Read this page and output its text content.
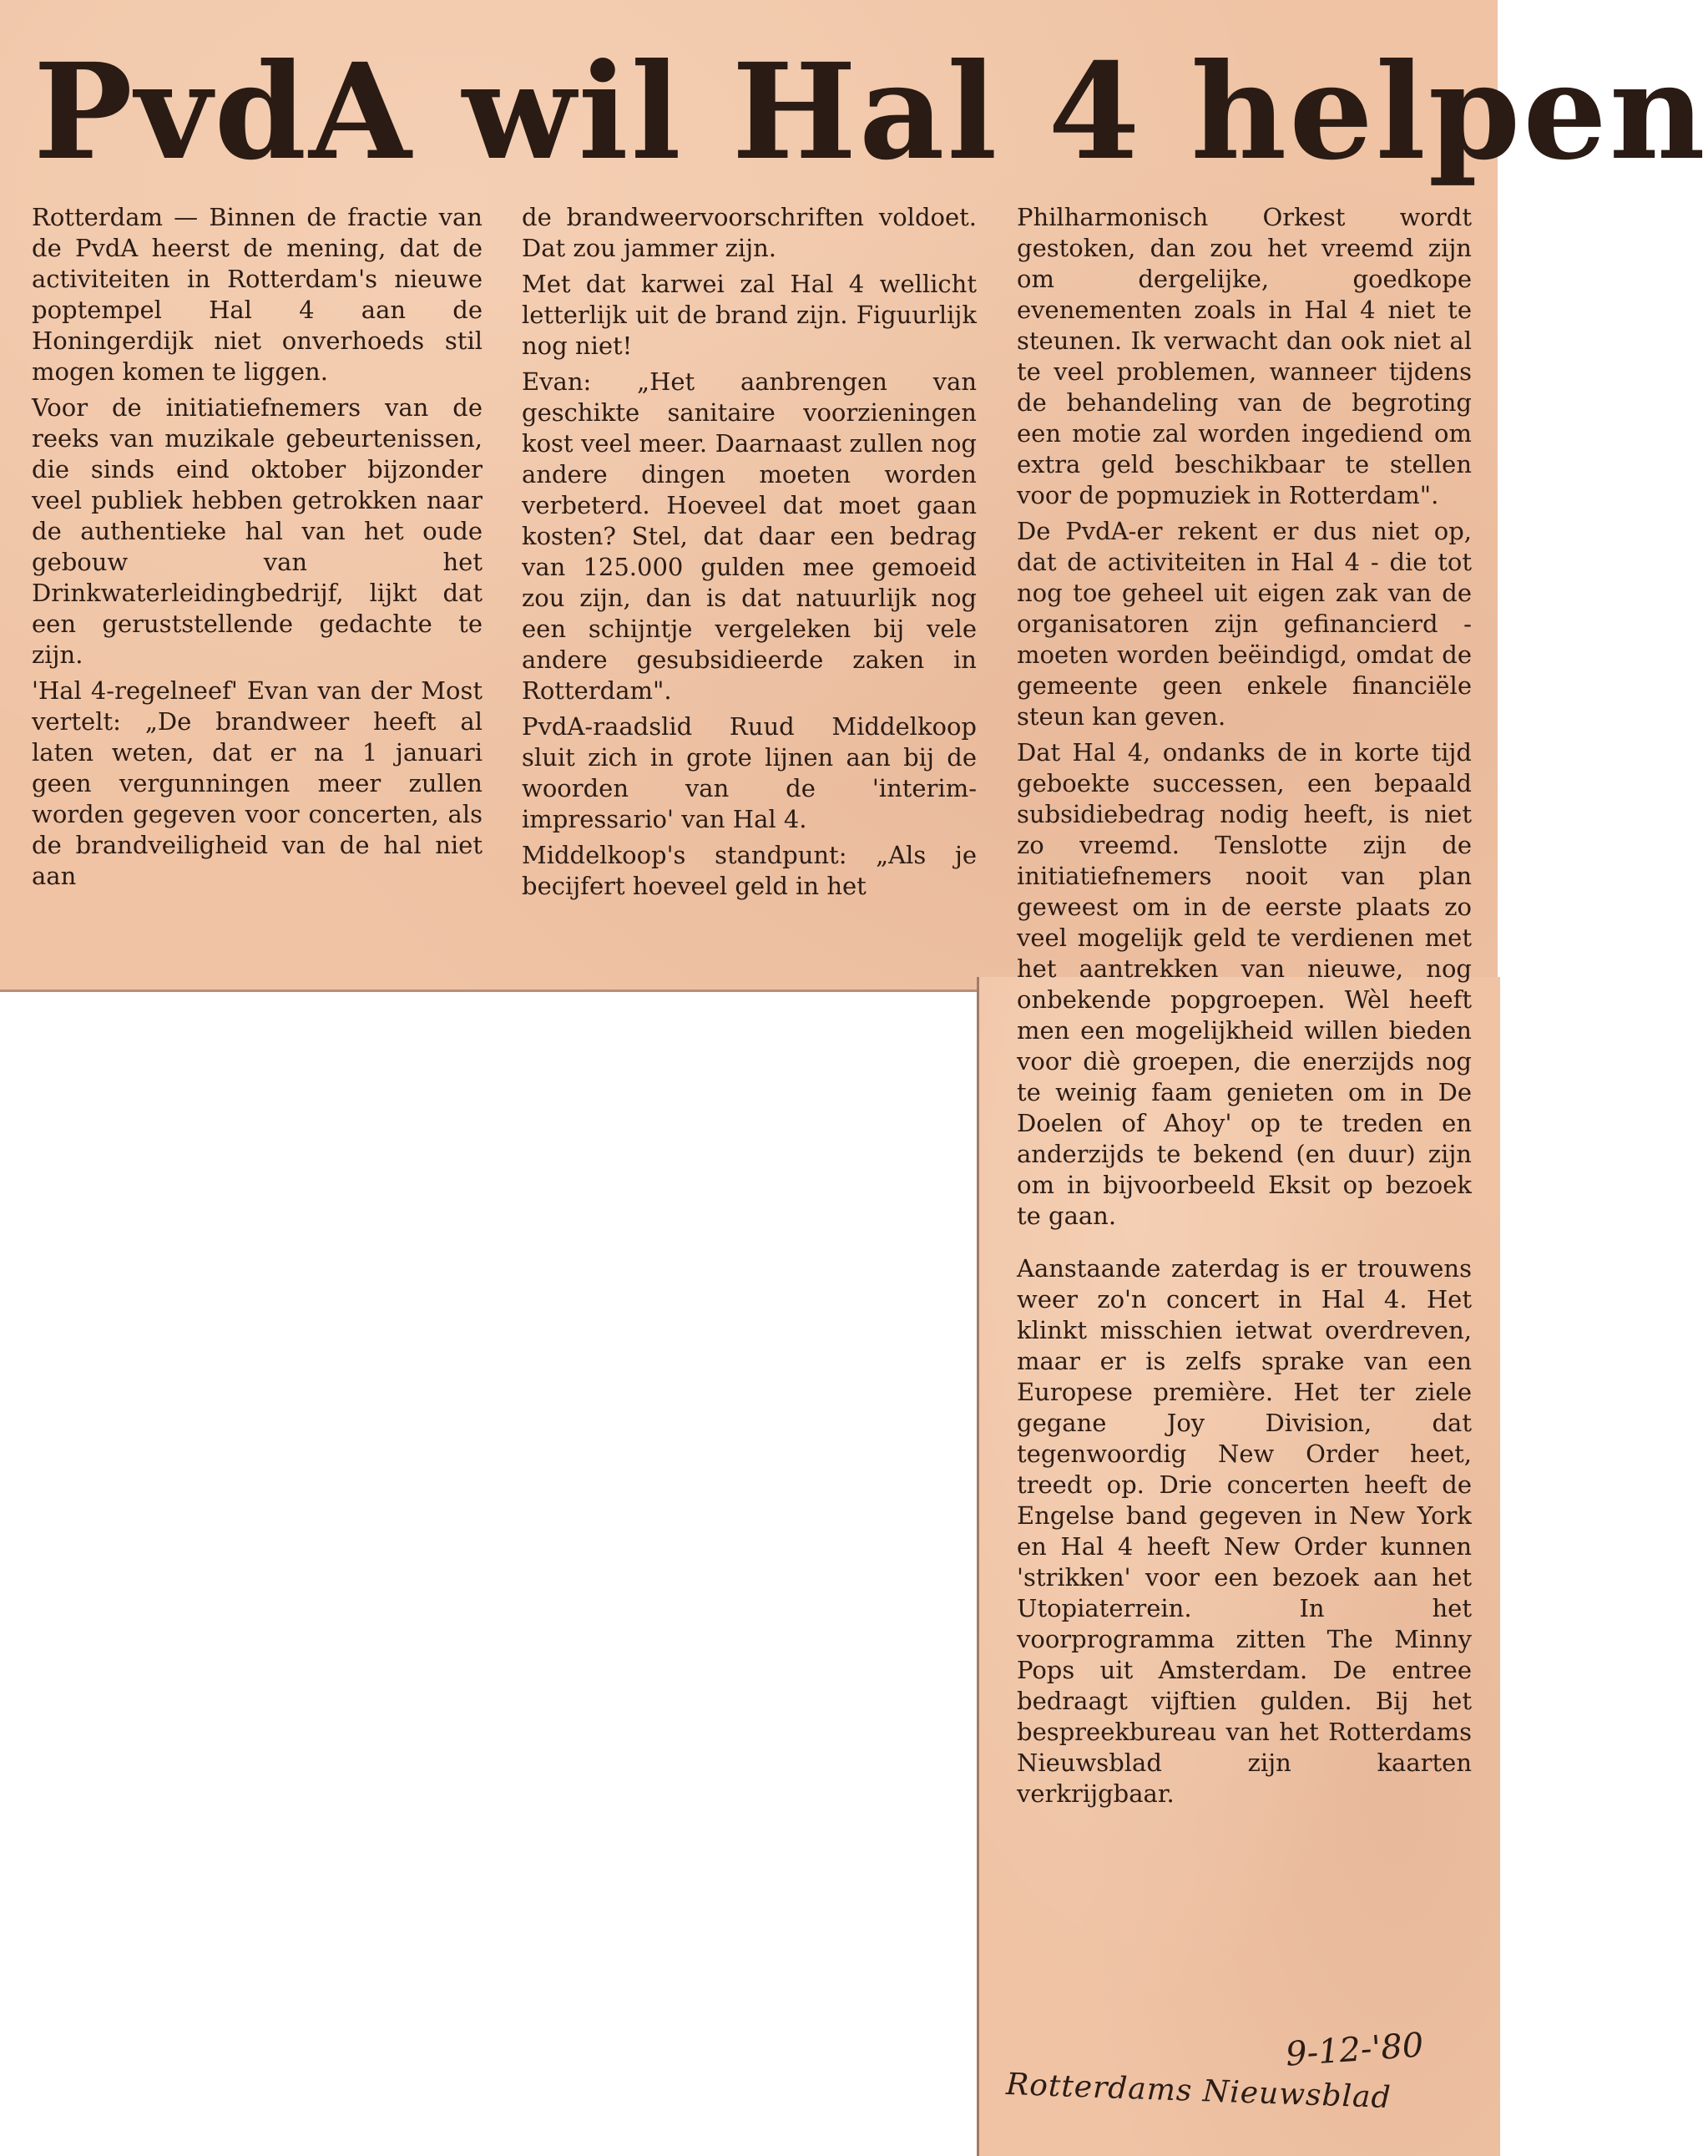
PvdA wil Hal 4 helpen

Rotterdam — Binnen de fractie van de PvdA heerst de mening, dat de activiteiten in Rotterdam's nieuwe poptempel Hal 4 aan de Honingerdijk niet onverhoeds stil mogen komen te liggen.

Voor de initiatiefnemers van de reeks van muzikale gebeurtenissen, die sinds eind oktober bijzonder veel publiek hebben getrokken naar de authentieke hal van het oude gebouw van het Drinkwaterleidingbedrijf, lijkt dat een geruststellende gedachte te zijn.

'Hal 4-regelneef' Evan van der Most vertelt: „De brandweer heeft al laten weten, dat er na 1 januari geen vergunningen meer zullen worden gegeven voor concerten, als de brandveiligheid van de hal niet aan

de brandweervoorschriften voldoet. Dat zou jammer zijn.

Met dat karwei zal Hal 4 wellicht letterlijk uit de brand zijn. Figuurlijk nog niet!

Evan: „Het aanbrengen van geschikte sanitaire voorzieningen kost veel meer. Daarnaast zullen nog andere dingen moeten worden verbeterd. Hoeveel dat moet gaan kosten? Stel, dat daar een bedrag van 125.000 gulden mee gemoeid zou zijn, dan is dat natuurlijk nog een schijntje vergeleken bij vele andere gesubsidieerde zaken in Rotterdam".

PvdA-raadslid Ruud Middelkoop sluit zich in grote lijnen aan bij de woorden van de 'interim-impressario' van Hal 4.

Middelkoop's standpunt: „Als je becijfert hoeveel geld in het

Philharmonisch Orkest wordt gestoken, dan zou het vreemd zijn om dergelijke, goedkope evenementen zoals in Hal 4 niet te steunen. Ik verwacht dan ook niet al te veel problemen, wanneer tijdens de behandeling van de begroting een motie zal worden ingediend om extra geld beschikbaar te stellen voor de popmuziek in Rotterdam".

De PvdA-er rekent er dus niet op, dat de activiteiten in Hal 4 - die tot nog toe geheel uit eigen zak van de organisatoren zijn gefinancierd - moeten worden beëindigd, omdat de gemeente geen enkele financiële steun kan geven.

Dat Hal 4, ondanks de in korte tijd geboekte successen, een bepaald subsidiebedrag nodig heeft, is niet zo vreemd. Tenslotte zijn de initiatiefnemers nooit van plan geweest om in de eerste plaats zo veel mogelijk geld te verdienen met het aantrekken van nieuwe, nog onbekende popgroepen. Wèl heeft men een mogelijkheid willen bieden voor diè groepen, die enerzijds nog te weinig faam genieten om in De Doelen of Ahoy' op te treden en anderzijds te bekend (en duur) zijn om in bijvoorbeeld Eksit op bezoek te gaan.

Aanstaande zaterdag is er trouwens weer zo'n concert in Hal 4. Het klinkt misschien ietwat overdreven, maar er is zelfs sprake van een Europese première. Het ter ziele gegane Joy Division, dat tegenwoordig New Order heet, treedt op. Drie concerten heeft de Engelse band gegeven in New York en Hal 4 heeft New Order kunnen 'strikken' voor een bezoek aan het Utopiaterrein. In het voorprogramma zitten The Minny Pops uit Amsterdam. De entree bedraagt vijftien gulden. Bij het bespreekbureau van het Rotterdams Nieuwsblad zijn kaarten verkrijgbaar.

9-12-'80
Rotterdams Nieuwsblad
